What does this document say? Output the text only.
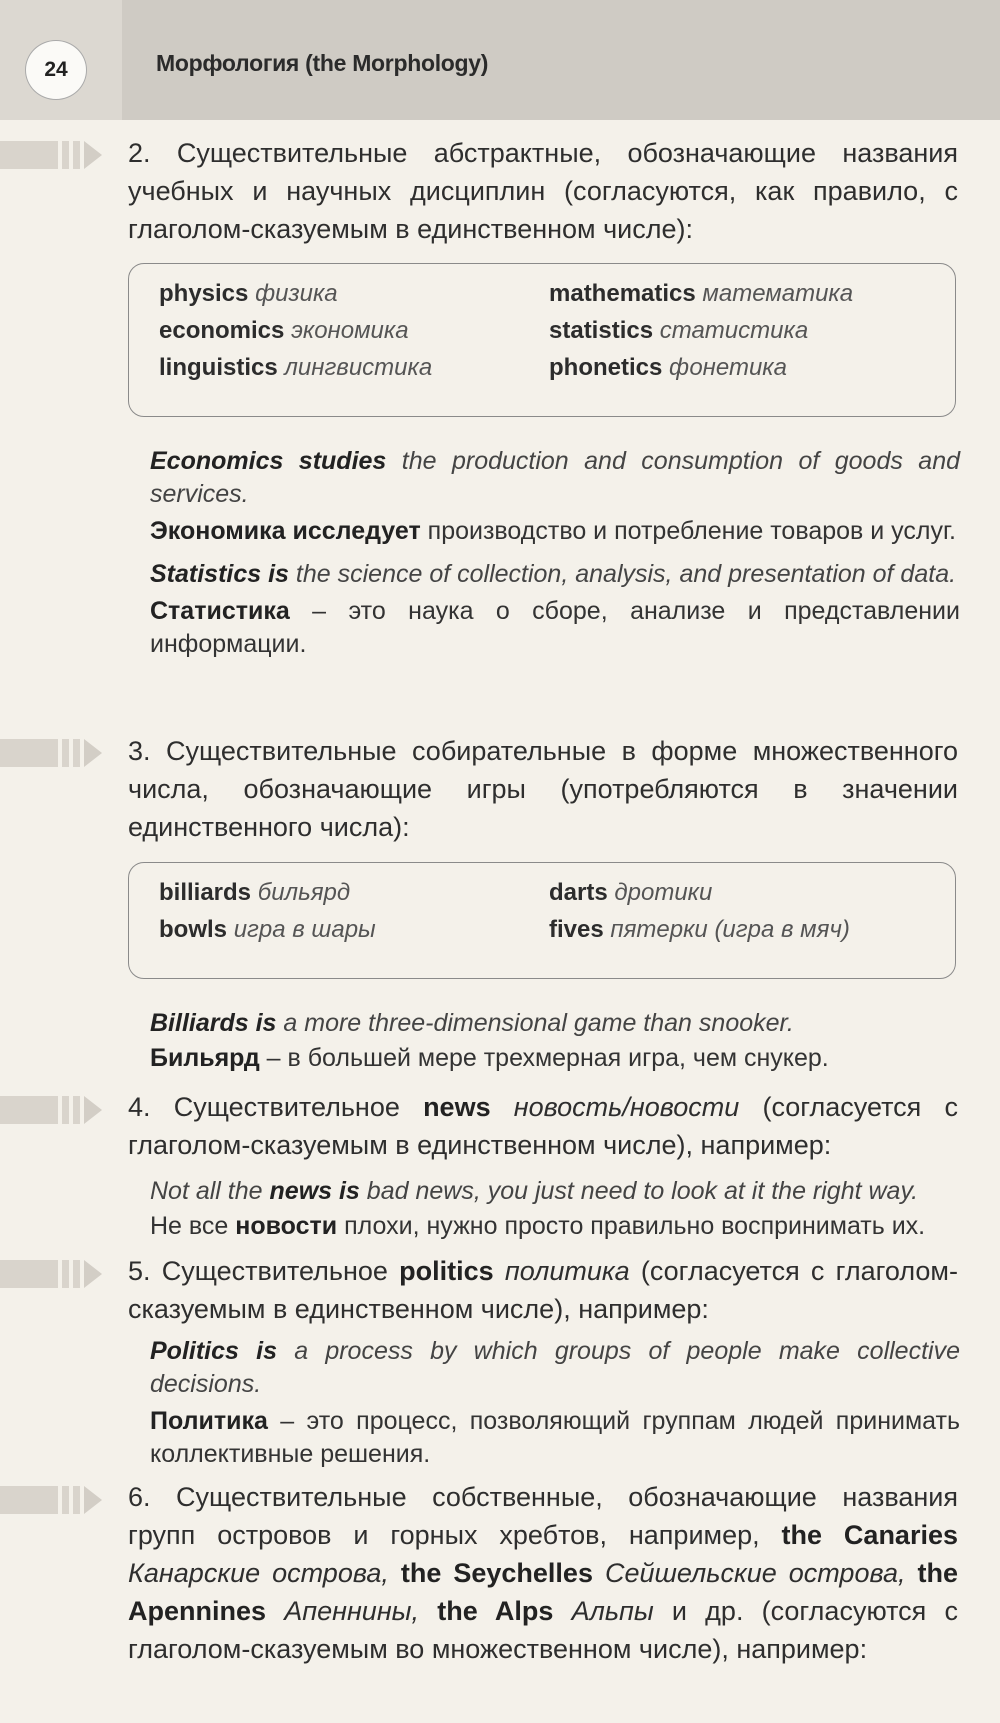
24	Морфология (the Morphology)
2. Существительные абстрактные, обозначающие названия учебных и научных дисциплин (согласуются, как правило, с глаголом-сказуемым в единственном числе):
physics физика	mathematics математика
economics экономика	statistics статистика
linguistics лингвистика	phonetics фонетика
Economics studies the production and consumption of goods and services.
Экономика исследует производство и потребление товаров и услуг.
Statistics is the science of collection, analysis, and presentation of data.
Статистика – это наука о сборе, анализе и представлении информации.
3. Существительные собирательные в форме множественного числа, обозначающие игры (употребляются в значении единственного числа):
billiards бильярд	darts дротики
bowls игра в шары	fives пятерки (игра в мяч)
Billiards is a more three-dimensional game than snooker.
Бильярд – в большей мере трехмерная игра, чем снукер.
4. Существительное news новость/новости (согласуется с глаголом-сказуемым в единственном числе), например:
Not all the news is bad news, you just need to look at it the right way.
Не все новости плохи, нужно просто правильно воспринимать их.
5. Существительное politics политика (согласуется с глаголом-сказуемым в единственном числе), например:
Politics is a process by which groups of people make collective decisions.
Политика – это процесс, позволяющий группам людей принимать коллективные решения.
6. Существительные собственные, обозначающие названия групп островов и горных хребтов, например, the Canaries Канарские острова, the Seychelles Сейшельские острова, the Apennines Апеннины, the Alps Альпы и др. (согласуются с глаголом-сказуемым во множественном числе), например:
